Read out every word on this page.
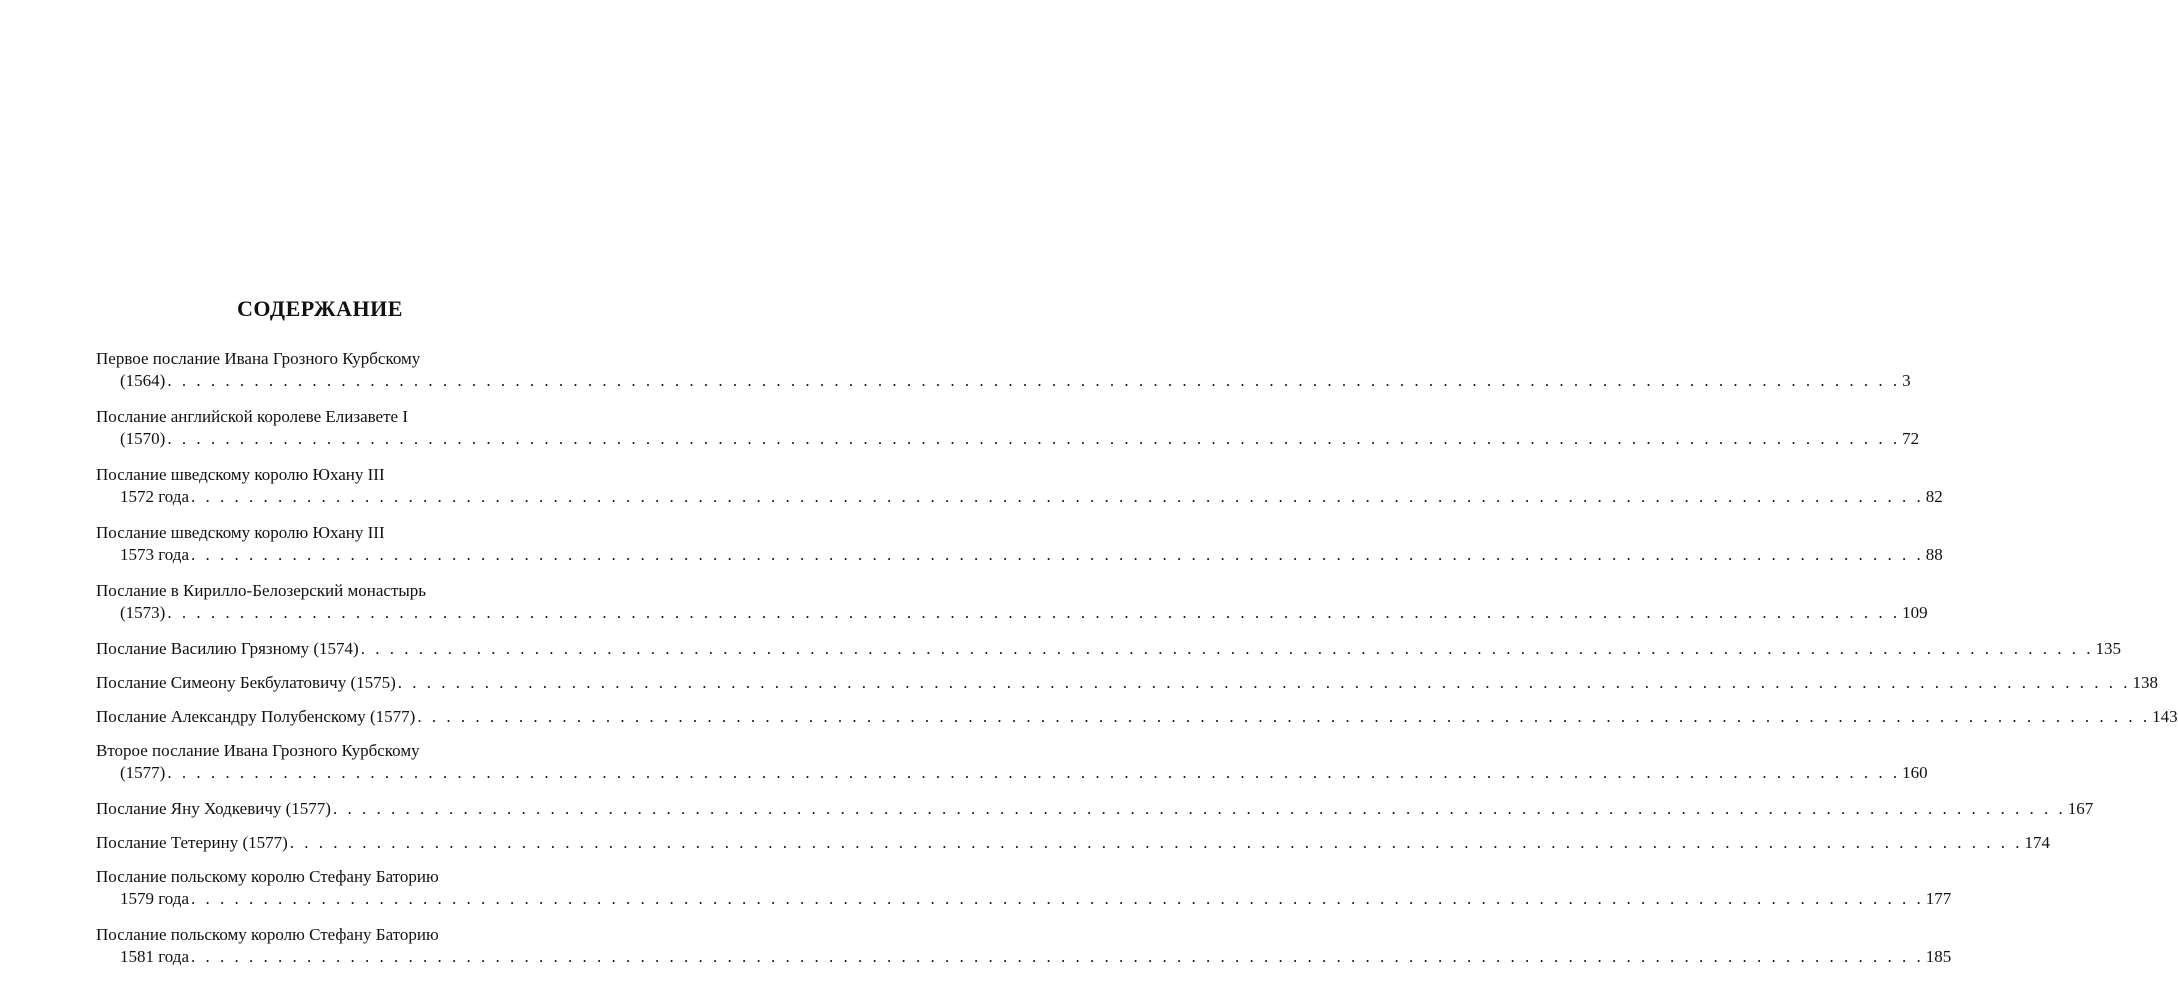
СОДЕРЖАНИЕ
Первое послание Ивана Грозного Курбскому
(1564) . . . . . . . . . . . . . . . . . . . . . . . . . . . . . . . . . . . . . . . . . . . . . . . . . . . . . . . . . . . . . . . . . . . . . . . . . . . . . . . . . . . . . . . . . . . . . . . . . . . . . . . . . . . . . . . . . . . . . . . . 3
Послание английской королеве Елизавете I
(1570) . . . . . . . . . . . . . . . . . . . . . . . . . . . . . . . . . . . . . . . . . . . . . . . . . . . . . . . . . . . . . . . . . . . . . . . . . . . . . . . . . . . . . . . . . . . . . . . . . . . . . . . . . . . . . . . . . . . . . . . . 72
Послание шведскому королю Юхану III
1572 года . . . . . . . . . . . . . . . . . . . . . . . . . . . . . . . . . . . . . . . . . . . . . . . . . . . . . . . . . . . . . . . . . . . . . . . . . . . . . . . . . . . . . . . . . . . . . . . . . . . . . . . . . . . . . . . . . . . . . . . . 82
Послание шведскому королю Юхану III
1573 года . . . . . . . . . . . . . . . . . . . . . . . . . . . . . . . . . . . . . . . . . . . . . . . . . . . . . . . . . . . . . . . . . . . . . . . . . . . . . . . . . . . . . . . . . . . . . . . . . . . . . . . . . . . . . . . . . . . . . . . . 88
Послание в Кирилло-Белозерский монастырь
(1573) . . . . . . . . . . . . . . . . . . . . . . . . . . . . . . . . . . . . . . . . . . . . . . . . . . . . . . . . . . . . . . . . . . . . . . . . . . . . . . . . . . . . . . . . . . . . . . . . . . . . . . . . . . . . . . . . . . . . . . . . 109
Послание Василию Грязному (1574) . . . . . . . . . . . . . . . . . . . . . . . . . . . . . . . . . . . . . . . . . . . . . . . . . . . . . . . . . . . . . . . . . . . . . . . . . . . . . . . . . . . . . . . . . . . . . . . . . . . . . . . . . . . . . . . . . . . . . . . . 135
Послание Симеону Бекбулатовичу (1575) . . . . . . . . . . . . . . . . . . . . . . . . . . . . . . . . . . . . . . . . . . . . . . . . . . . . . . . . . . . . . . . . . . . . . . . . . . . . . . . . . . . . . . . . . . . . . . . . . . . . . . . . . . . . . . . . . . . . . . . . 138
Послание Александру Полубенскому (1577) . . . . . . . . . . . . . . . . . . . . . . . . . . . . . . . . . . . . . . . . . . . . . . . . . . . . . . . . . . . . . . . . . . . . . . . . . . . . . . . . . . . . . . . . . . . . . . . . . . . . . . . . . . . . . . . . . . . . . . . . 143
Второе послание Ивана Грозного Курбскому
(1577) . . . . . . . . . . . . . . . . . . . . . . . . . . . . . . . . . . . . . . . . . . . . . . . . . . . . . . . . . . . . . . . . . . . . . . . . . . . . . . . . . . . . . . . . . . . . . . . . . . . . . . . . . . . . . . . . . . . . . . . . 160
Послание Яну Ходкевичу (1577) . . . . . . . . . . . . . . . . . . . . . . . . . . . . . . . . . . . . . . . . . . . . . . . . . . . . . . . . . . . . . . . . . . . . . . . . . . . . . . . . . . . . . . . . . . . . . . . . . . . . . . . . . . . . . . . . . . . . . . . . 167
Послание Тетерину (1577) . . . . . . . . . . . . . . . . . . . . . . . . . . . . . . . . . . . . . . . . . . . . . . . . . . . . . . . . . . . . . . . . . . . . . . . . . . . . . . . . . . . . . . . . . . . . . . . . . . . . . . . . . . . . . . . . . . . . . . . . 174
Послание польскому королю Стефану Баторию
1579 года . . . . . . . . . . . . . . . . . . . . . . . . . . . . . . . . . . . . . . . . . . . . . . . . . . . . . . . . . . . . . . . . . . . . . . . . . . . . . . . . . . . . . . . . . . . . . . . . . . . . . . . . . . . . . . . . . . . . . . . . 177
Послание польскому королю Стефану Баторию
1581 года . . . . . . . . . . . . . . . . . . . . . . . . . . . . . . . . . . . . . . . . . . . . . . . . . . . . . . . . . . . . . . . . . . . . . . . . . . . . . . . . . . . . . . . . . . . . . . . . . . . . . . . . . . . . . . . . . . . . . . . . 185
